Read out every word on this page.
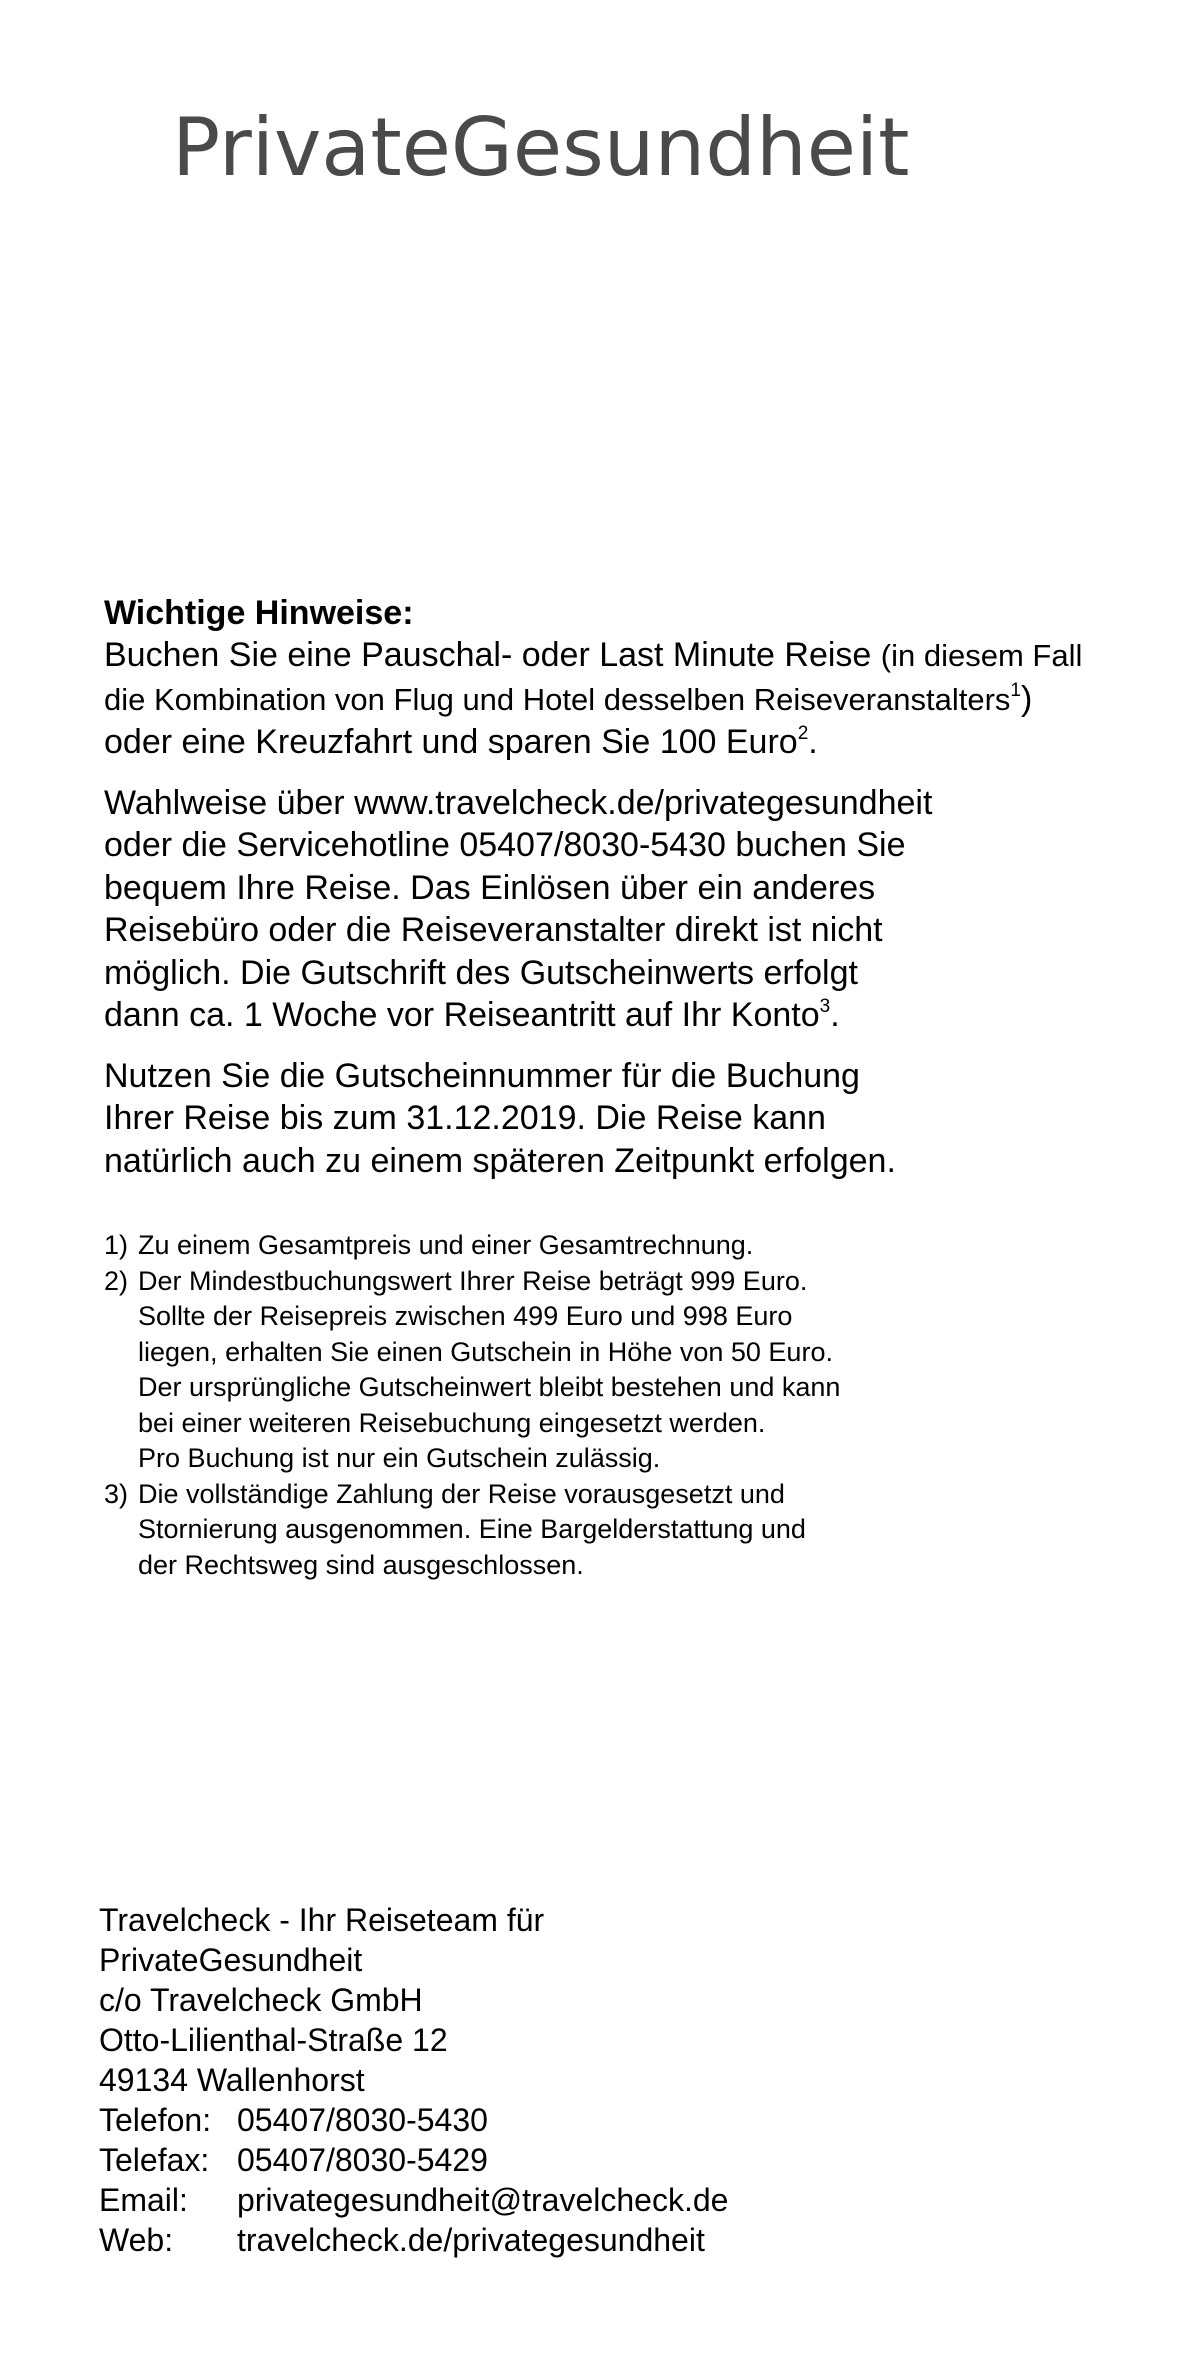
PrivateGesundheit
Wichtige Hinweise:
Buchen Sie eine Pauschal- oder Last Minute Reise (in diesem Fall
die Kombination von Flug und Hotel desselben Reiseveranstalters$^1$)
oder eine Kreuzfahrt und sparen Sie 100 Euro$^2$.
Wahlweise über www.travelcheck.de/privategesundheit
oder die Servicehotline 05407/8030-5430 buchen Sie
bequem Ihre Reise. Das Einlösen über ein anderes
Reisebüro oder die Reiseveranstalter direkt ist nicht
möglich. Die Gutschrift des Gutscheinwerts erfolgt
dann ca. 1 Woche vor Reiseantritt auf Ihr Konto$^3$.
Nutzen Sie die Gutscheinnummer für die Buchung
Ihrer Reise bis zum 31.12.2019. Die Reise kann
natürlich auch zu einem späteren Zeitpunkt erfolgen.
1) Zu einem Gesamtpreis und einer Gesamtrechnung.
2) Der Mindestbuchungswert Ihrer Reise beträgt 999 Euro.
Sollte der Reisepreis zwischen 499 Euro und 998 Euro
liegen, erhalten Sie einen Gutschein in Höhe von 50 Euro.
Der ursprüngliche Gutscheinwert bleibt bestehen und kann
bei einer weiteren Reisebuchung eingesetzt werden.
Pro Buchung ist nur ein Gutschein zulässig.
3) Die vollständige Zahlung der Reise vorausgesetzt und
Stornierung ausgenommen. Eine Bargelderstattung und
der Rechtsweg sind ausgeschlossen.
Travelcheck - Ihr Reiseteam für
PrivateGesundheit
c/o Travelcheck GmbH
Otto-Lilienthal-Straße 12
49134 Wallenhorst
Telefon: 05407/8030-5430
Telefax: 05407/8030-5429
Email:	privategesundheit@travelcheck.de
Web:	travelcheck.de/privategesundheit
